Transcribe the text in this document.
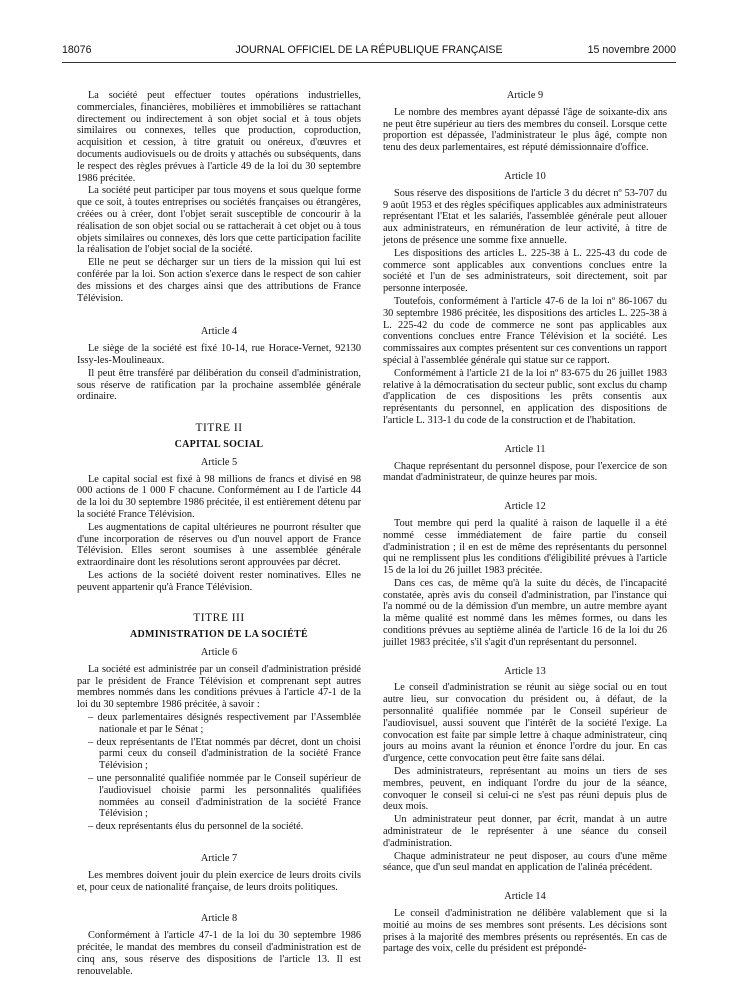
18076	JOURNAL OFFICIEL DE LA RÉPUBLIQUE FRANÇAISE	15 novembre 2000

La société peut effectuer toutes opérations industrielles, commerciales, financières, mobilières et immobilières se rattachant directement ou indirectement à son objet social et à tous objets similaires ou connexes, telles que production, coproduction, acquisition et cession, à titre gratuit ou onéreux, d'œuvres et documents audiovisuels ou de droits y attachés ou subséquents, dans le respect des règles prévues à l'article 49 de la loi du 30 septembre 1986 précitée.

La société peut participer par tous moyens et sous quelque forme que ce soit, à toutes entreprises ou sociétés françaises ou étrangères, créées ou à créer, dont l'objet serait susceptible de concourir à la réalisation de son objet social ou se rattacherait à cet objet ou à tous objets similaires ou connexes, dès lors que cette participation facilite la réalisation de l'objet social de la société.

Elle ne peut se décharger sur un tiers de la mission qui lui est conférée par la loi. Son action s'exerce dans le respect de son cahier des missions et des charges ainsi que des attributions de France Télévision.

Article 4

Le siège de la société est fixé 10-14, rue Horace-Vernet, 92130 Issy-les-Moulineaux.

Il peut être transféré par délibération du conseil d'administration, sous réserve de ratification par la prochaine assemblée générale ordinaire.

TITRE II
CAPITAL SOCIAL
Article 5

Le capital social est fixé à 98 millions de francs et divisé en 98 000 actions de 1 000 F chacune. Conformément au I de l'article 44 de la loi du 30 septembre 1986 précitée, il est entièrement détenu par la société France Télévision.

Les augmentations de capital ultérieures ne pourront résulter que d'une incorporation de réserves ou d'un nouvel apport de France Télévision. Elles seront soumises à une assemblée générale extraordinaire dont les résolutions seront approuvées par décret.

Les actions de la société doivent rester nominatives. Elles ne peuvent appartenir qu'à France Télévision.

TITRE III
ADMINISTRATION DE LA SOCIÉTÉ
Article 6

La société est administrée par un conseil d'administration présidé par le président de France Télévision et comprenant sept autres membres nommés dans les conditions prévues à l'article 47-1 de la loi du 30 septembre 1986 précitée, à savoir :

– deux parlementaires désignés respectivement par l'Assemblée nationale et par le Sénat ;
– deux représentants de l'Etat nommés par décret, dont un choisi parmi ceux du conseil d'administration de la société France Télévision ;
– une personnalité qualifiée nommée par le Conseil supérieur de l'audiovisuel choisie parmi les personnalités qualifiées nommées au conseil d'administration de la société France Télévision ;
– deux représentants élus du personnel de la société.
Article 7

Les membres doivent jouir du plein exercice de leurs droits civils et, pour ceux de nationalité française, de leurs droits politiques.

Article 8

Conformément à l'article 47-1 de la loi du 30 septembre 1986 précitée, le mandat des membres du conseil d'administration est de cinq ans, sous réserve des dispositions de l'article 13. Il est renouvelable.

Article 9

Le nombre des membres ayant dépassé l'âge de soixante-dix ans ne peut être supérieur au tiers des membres du conseil. Lorsque cette proportion est dépassée, l'administrateur le plus âgé, compte non tenu des deux parlementaires, est réputé démissionnaire d'office.

Article 10

Sous réserve des dispositions de l'article 3 du décret nº 53-707 du 9 août 1953 et des règles spécifiques applicables aux administrateurs représentant l'Etat et les salariés, l'assemblée générale peut allouer aux administrateurs, en rémunération de leur activité, à titre de jetons de présence une somme fixe annuelle.

Les dispositions des articles L. 225-38 à L. 225-43 du code de commerce sont applicables aux conventions conclues entre la société et l'un de ses administrateurs, soit directement, soit par personne interposée.

Toutefois, conformément à l'article 47-6 de la loi nº 86-1067 du 30 septembre 1986 précitée, les dispositions des articles L. 225-38 à L. 225-42 du code de commerce ne sont pas applicables aux conventions conclues entre France Télévision et la société. Les commissaires aux comptes présentent sur ces conventions un rapport spécial à l'assemblée générale qui statue sur ce rapport.

Conformément à l'article 21 de la loi nº 83-675 du 26 juillet 1983 relative à la démocratisation du secteur public, sont exclus du champ d'application de ces dispositions les prêts consentis aux représentants du personnel, en application des dispositions de l'article L. 313-1 du code de la construction et de l'habitation.

Article 11

Chaque représentant du personnel dispose, pour l'exercice de son mandat d'administrateur, de quinze heures par mois.

Article 12

Tout membre qui perd la qualité à raison de laquelle il a été nommé cesse immédiatement de faire partie du conseil d'administration ; il en est de même des représentants du personnel qui ne remplissent plus les conditions d'éligibilité prévues à l'article 15 de la loi du 26 juillet 1983 précitée.

Dans ces cas, de même qu'à la suite du décès, de l'incapacité constatée, après avis du conseil d'administration, par l'instance qui l'a nommé ou de la démission d'un membre, un autre membre ayant la même qualité est nommé dans les mêmes formes, ou dans les conditions prévues au septième alinéa de l'article 16 de la loi du 26 juillet 1983 précitée, s'il s'agit d'un représentant du personnel.

Article 13

Le conseil d'administration se réunit au siège social ou en tout autre lieu, sur convocation du président ou, à défaut, de la personnalité qualifiée nommée par le Conseil supérieur de l'audiovisuel, aussi souvent que l'intérêt de la société l'exige. La convocation est faite par simple lettre à chaque administrateur, cinq jours au moins avant la réunion et énonce l'ordre du jour. En cas d'urgence, cette convocation peut être faite sans délai.

Des administrateurs, représentant au moins un tiers de ses membres, peuvent, en indiquant l'ordre du jour de la séance, convoquer le conseil si celui-ci ne s'est pas réuni depuis plus de deux mois.

Un administrateur peut donner, par écrit, mandat à un autre administrateur de le représenter à une séance du conseil d'administration.

Chaque administrateur ne peut disposer, au cours d'une même séance, que d'un seul mandat en application de l'alinéa précédent.

Article 14

Le conseil d'administration ne délibère valablement que si la moitié au moins de ses membres sont présents. Les décisions sont prises à la majorité des membres présents ou représentés. En cas de partage des voix, celle du président est prépondé-
